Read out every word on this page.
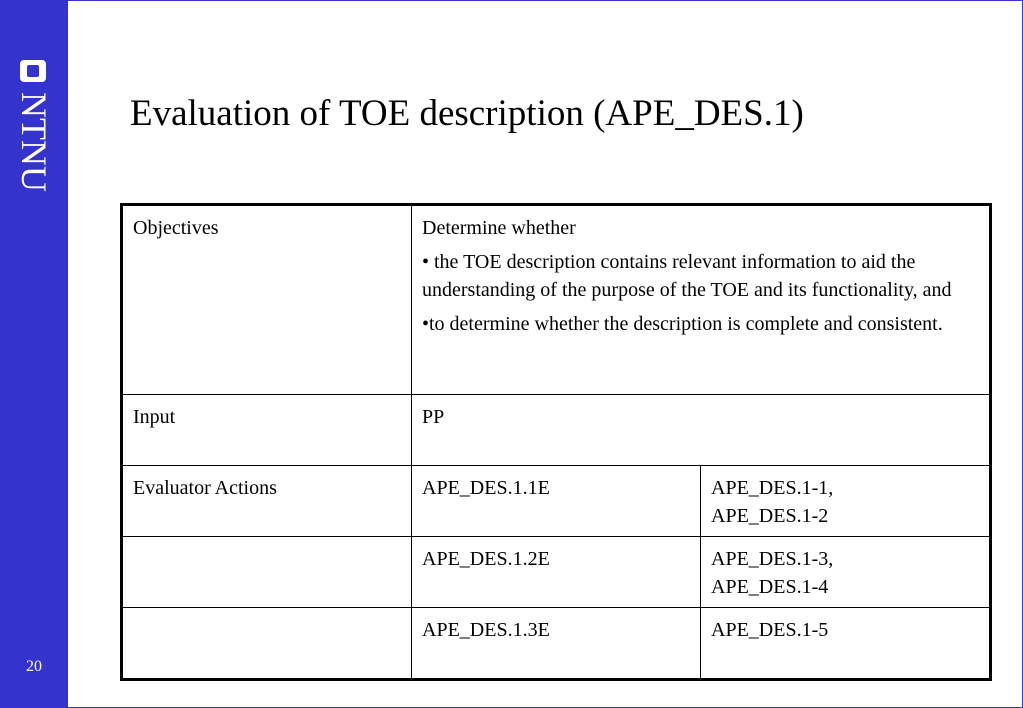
NTNU
20
Evaluation of TOE description (APE_DES.1)
Objectives	Determine whether

• the TOE description contains relevant information to aid the understanding of the purpose of the TOE and its functionality, and

•to determine whether the description is complete and consistent.	

Input	PP	
Evaluator Actions	APE_DES.1.1E	APE_DES.1-1,
APE_DES.1-2

	APE_DES.1.2E	APE_DES.1-3,
APE_DES.1-4

	APE_DES.1.3E	APE_DES.1-5
